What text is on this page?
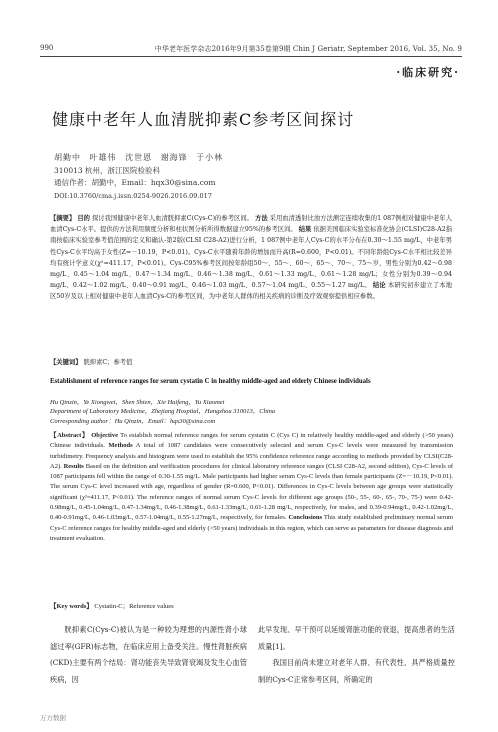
990	中华老年医学杂志2016年9月第35卷第9期 Chin J Geriatr, September 2016, Vol. 35, No. 9
·临床研究·
健康中老年人血清胱抑素C参考区间探讨
胡勤中 叶雄伟 沈世恩 谢海锋 于小林
310013 杭州，浙江医院检验科
通信作者：胡勤中，Email：hqx30@sina.com
DOI:10.3760/cma.j.issn.0254-9026.2016.09.017
【摘要】 目的 探讨我国健康中老年人血清胱抑素C(Cys-C)的参考区间。 方法 采用血清透射比浊方法测定连续收集的1 087例相对健康中老年人血清Cys-C水平。提供的方法利用频度分析和柱状图分析所得数据建立95%的参考区间。 结果 依据美国临床实验室标准化协会(CLSI)C28-A2指南按临床实验室参考值范围的定义和确认-第2版(CLSI C28-A2)进行分析，1 087例中老年人Cys-C的水平分布在0.30～1.55 mg/L，中老年男性Cys-C水平均高于女性(Z=－10.19，P<0.01)。Cys-C水平随着年龄的增加而升高(R=0.600，P<0.01)。不同年龄组Cys-C水平相比较差异均有统计学意义(χ²=411.17，P<0.01)。Cys-C95%参考区间按年龄组50～、55～、60～、65～、70～、75～岁，男性分别为0.42～0.98 mg/L、0.45～1.04 mg/L、0.47～1.34 mg/L、0.46～1.38 mg/L、0.61～1.33 mg/L、0.61～1.28 mg/L；女性分别为0.39～0.94 mg/L、0.42～1.02 mg/L、0.40～0.91 mg/L、0.46～1.03 mg/L、0.57～1.04 mg/L、0.55～1.27 mg/L。 结论 本研究初步建立了本地区50岁及以上相对健康中老年人血清Cys-C的参考区间，为中老年人群体的相关疾病的诊断及疗效观察提供相应参数。
【关键词】 胱抑素C；参考值
Establishment of reference ranges for serum cystatin C in healthy middle-aged and elderly Chinese individuals
Hu Qinzin，Ye Xiongwei，Shen Shien，Xie Haifeng，Yu Xiaomei
Department of Laboratory Medicine，Zhejiang Hospital，Hangzhou 310013，China
Corresponding author：Hu Qinzin，Email：hqx30@sina.com
【Abstract】 Objective To establish normal reference ranges for serum cystatin C (Cys C) in relatively healthy middle-aged and elderly (>50 years) Chinese individuals. Methods A total of 1087 candidates were consecutively selected and serum Cys-C levels were measured by transmission turbidimetry. Frequency analysis and histogram were used to establish the 95% confidence reference range according to methods provided by CLSI(C28-A2). Results Based on the definition and verification procedures for clinical laboratory reference ranges (CLSI C28-A2, second edition), Cys-C levels of 1087 participants fell within the range of 0.30-1.55 mg/L. Male participants had higher serum Cys-C levels than female participants (Z=－10.19, P<0.01). The serum Cys-C level increased with age, regardless of gender (R=0.600, P<0.01). Differences in Cys-C levels between age groups were statistically significant (χ²=411.17, P<0.01). The reference ranges of normal serum Cys-C levels for different age groups (50-, 55-, 60-, 65-, 70-, 75-) were 0.42-0.98mg/L, 0.45-1.04mg/L, 0.47-1.34mg/L, 0.46-1.38mg/L, 0.61-1.33mg/L, 0.61-1.28 mg/L, respectively, for males, and 0.39-0.94mg/L, 0.42-1.02mg/L, 0.40-0.91mg/L, 0.46-1.03mg/L, 0.57-1.04mg/L, 0.55-1.27mg/L, respectively, for females. Conclusions This study established preliminary normal serum Cys-C reference ranges for healthy middle-aged and elderly (>50 years) individuals in this region, which can serve as parameters for disease diagnosis and treatment evaluation.
【Key words】 Cystatin-C；Reference values
胱抑素C(Cys-C)被认为是一种较为理想的内源性肾小球滤过率(GFR)标志物，在临床应用上备受关注。慢性肾脏疾病(CKD)主要有两个结局：肾功能丧失导致肾衰竭及发生心血管疾病，因
此早发现、早干预可以延缓肾脏功能的衰退，提高患者的生活质量[1]。
我国目前尚未建立对老年人群、有代表性、具严格质量控制的Cys-C正常参考区间，所确定的
万方数据
